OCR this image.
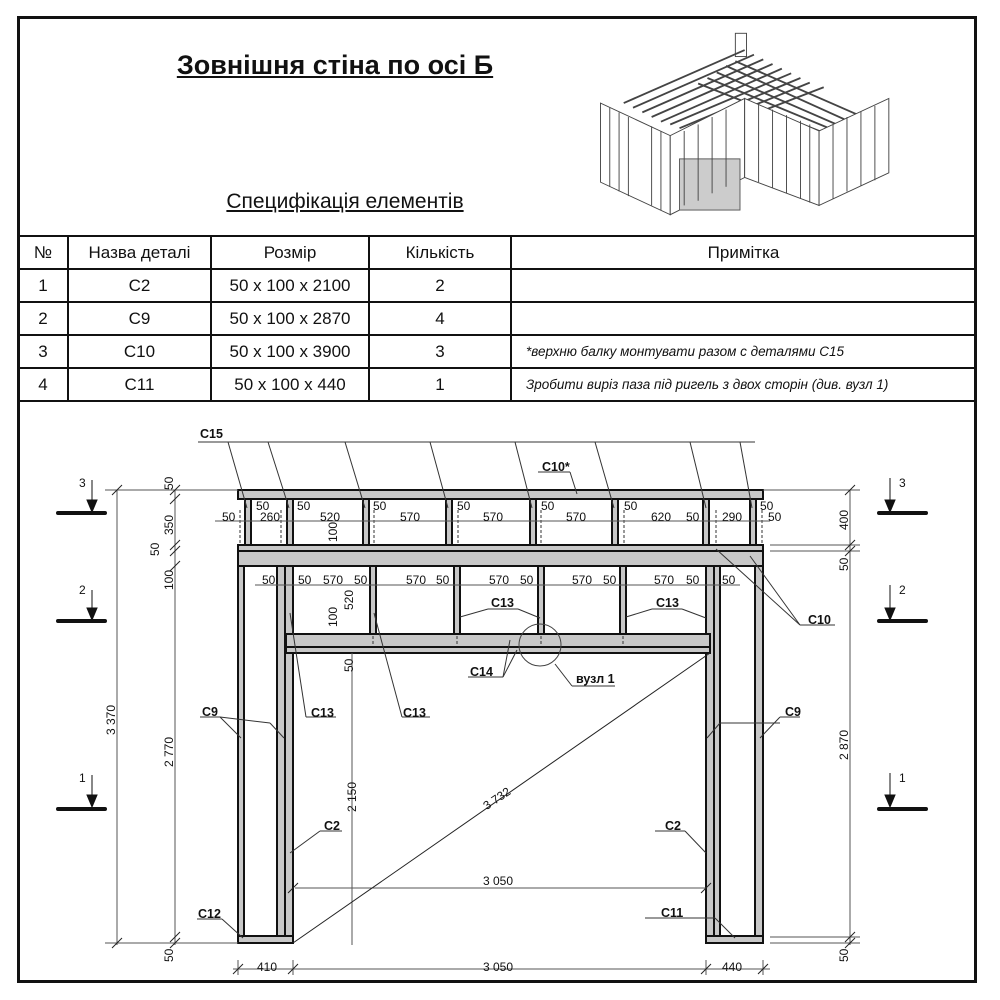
Зовнішня стіна по осі Б
Специфікація елементів
№	Назва деталі	Розмір	Кількість	Примітка
1	C2	50 x 100 x 2100	2	
2	C9	50 x 100 x 2870	4	
3	C10	50 x 100 x 3900	3	*верхню балку монтувати разом с деталями C15
4	C11	50 x 100 x 440	1	Зробити виріз паза під ригель з двох сторін (див. вузл 1)
C15
C10*
C10
C13	C13
C13	C13
C14	вузл 1
C9	C9
C2	C2
C12	C11
3
2
1
3
2
1
50 50
50 260	520
50
570
50
570
50
570
50
620 50 290
50
50
50 50 570 50	570 50	570 50	570 50	570 50 50
50
350
50
100
3 370
2 770
50
100
520
100
50
2 150	3 732
3 050
410	3 050	440
400
50
2 870
50
